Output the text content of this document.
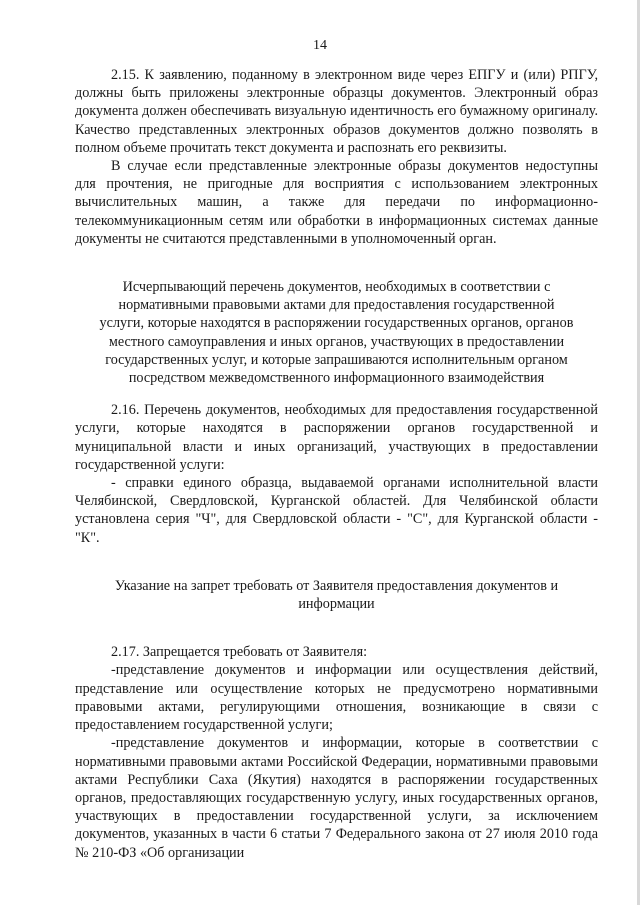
14

2.15. К заявлению, поданному в электронном виде через ЕПГУ и (или) РПГУ, должны быть приложены электронные образцы документов. Электронный образ документа должен обеспечивать визуальную идентичность его бумажному оригиналу. Качество представленных электронных образов документов должно позволять в полном объеме прочитать текст документа и распознать его реквизиты.

В случае если представленные электронные образы документов недоступны для прочтения, не пригодные для восприятия с использованием электронных вычислительных машин, а также для передачи по информационно-телекоммуникационным сетям или обработки в информационных системах данные документы не считаются представленными в уполномоченный орган.

Исчерпывающий перечень документов, необходимых в соответствии с нормативными правовыми актами для предоставления государственной услуги, которые находятся в распоряжении государственных органов, органов местного самоуправления и иных органов, участвующих в предоставлении государственных услуг, и которые запрашиваются исполнительным органом посредством межведомственного информационного взаимодействия

2.16. Перечень документов, необходимых для предоставления государственной услуги, которые находятся в распоряжении органов государственной и муниципальной власти и иных организаций, участвующих в предоставлении государственной услуги:

- справки единого образца, выдаваемой органами исполнительной власти Челябинской, Свердловской, Курганской областей. Для Челябинской области установлена серия "Ч", для Свердловской области - "С", для Курганской области - "К".

Указание на запрет требовать от Заявителя предоставления документов и информации

2.17. Запрещается требовать от Заявителя:

-представление документов и информации или осуществления действий, представление или осуществление которых не предусмотрено нормативными правовыми актами, регулирующими отношения, возникающие в связи с предоставлением государственной услуги;

-представление документов и информации, которые в соответствии с нормативными правовыми актами Российской Федерации, нормативными правовыми актами Республики Саха (Якутия) находятся в распоряжении государственных органов, предоставляющих государственную услугу, иных государственных органов, участвующих в предоставлении государственной услуги, за исключением документов, указанных в части 6 статьи 7 Федерального закона от 27 июля 2010 года № 210-ФЗ «Об организации
